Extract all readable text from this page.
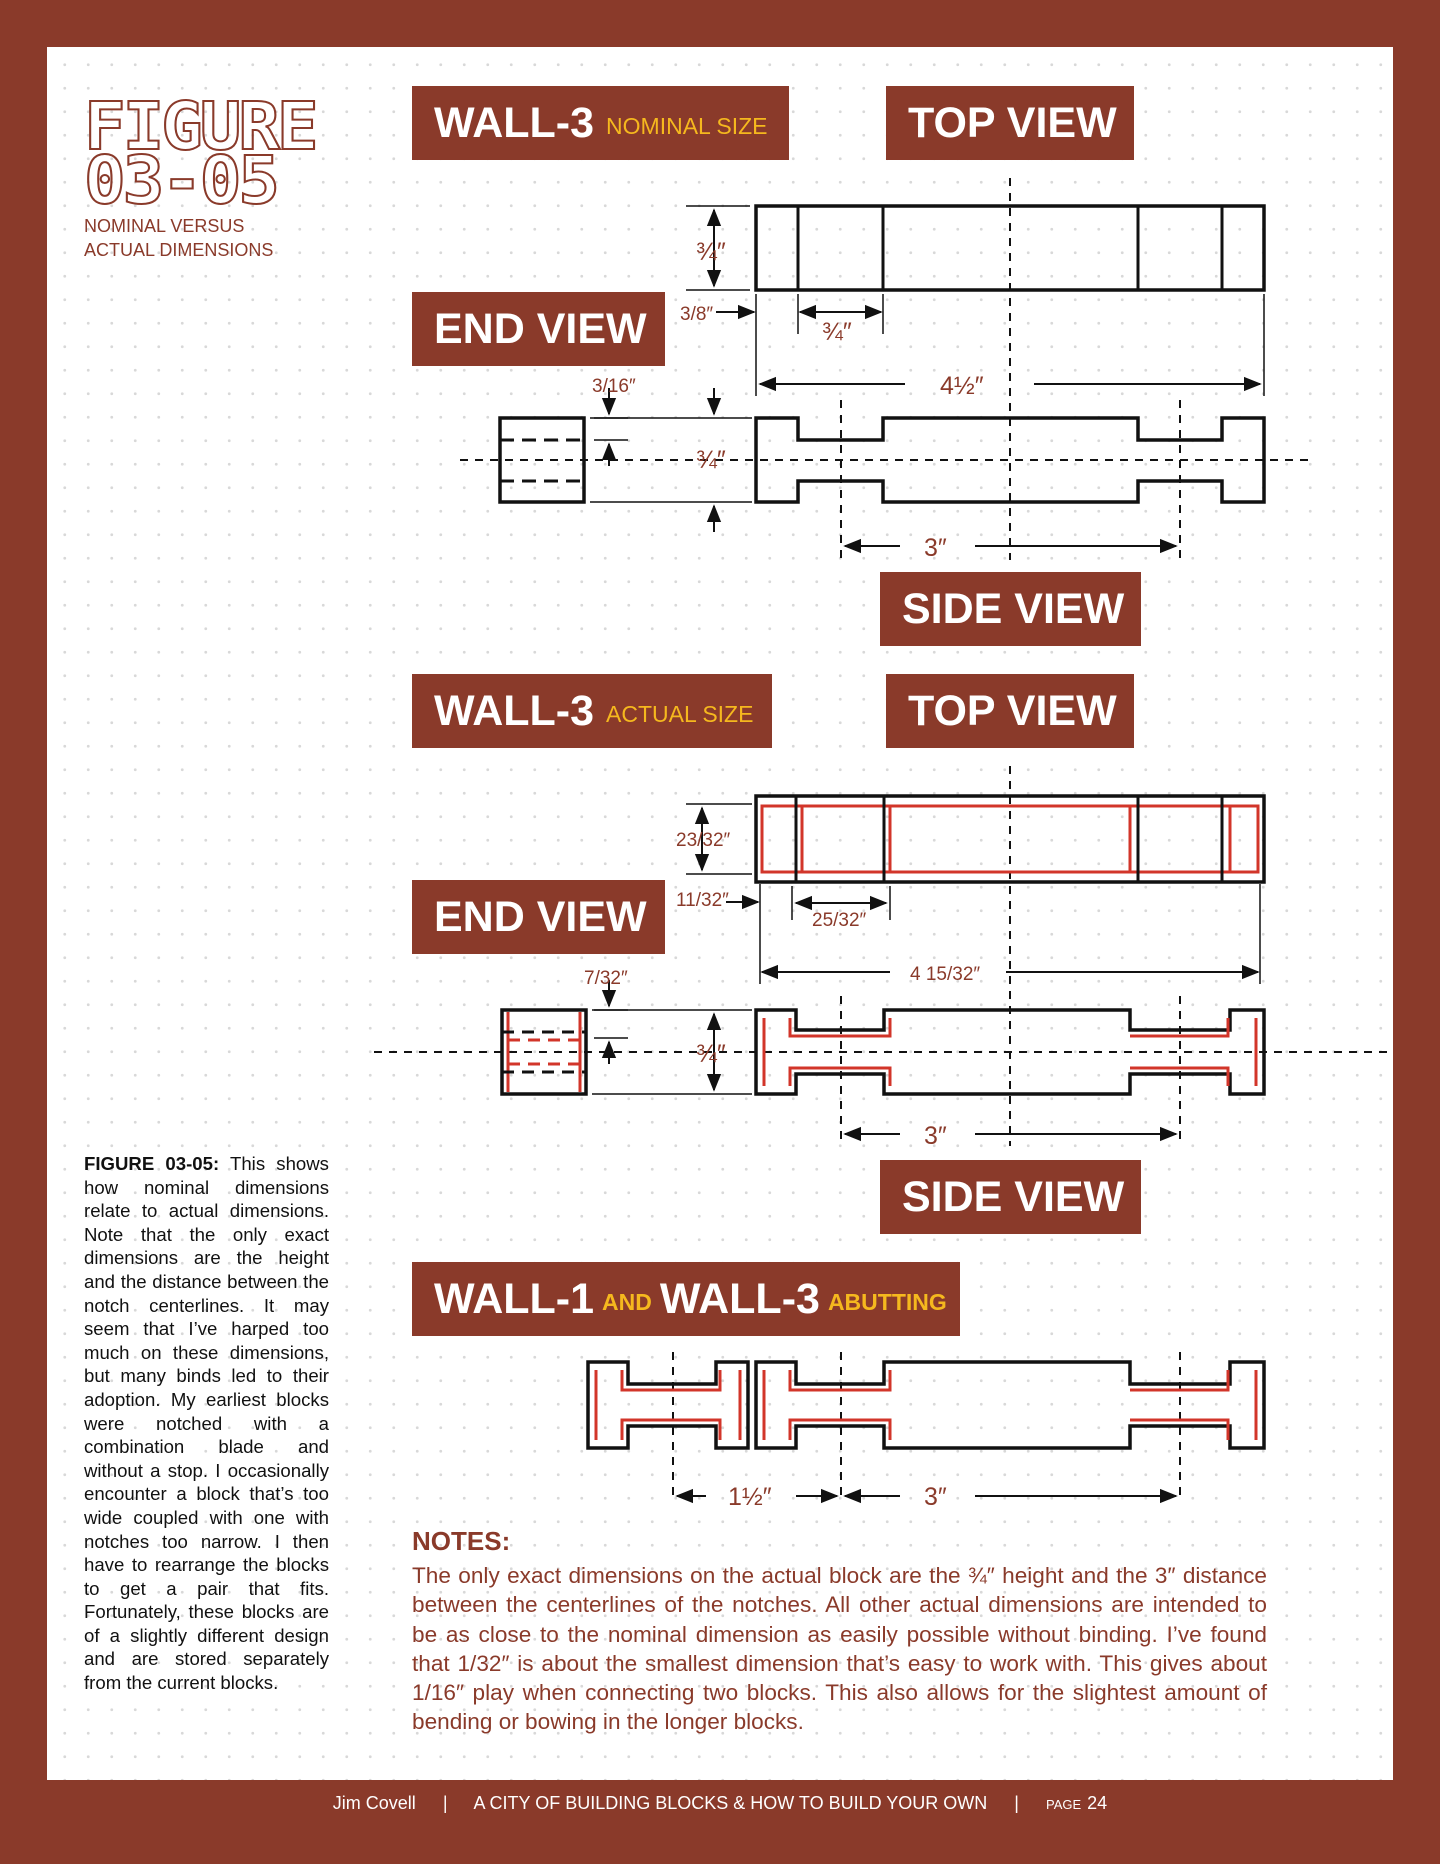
FIGURE
03-05
NOMINAL VERSUS
ACTUAL DIMENSIONS
WALL-3 NOMINAL SIZE	TOP VIEW
END VIEW
SIDE VIEW
WALL-3 ACTUAL SIZE	TOP VIEW
END VIEW
SIDE VIEW
WALL-1 AND WALL-3 ABUTTING
¾″
3/8″
¾″
4½″
3/16″
¾″
3″
23/32″
11/32″
25/32″
4 15/32″
7/32″
¾″
3″
1½″	3″
FIGURE 03-05: This shows how nominal dimensions relate to actual dimensions. Note that the only exact dimensions are the height and the distance between the notch centerlines. It may seem that I’ve harped too much on these dimensions, but many binds led to their adoption. My earliest blocks were notched with a combination blade and without a stop. I occasionally encounter a block that’s too wide coupled with one with notches too narrow. I then have to rearrange the blocks to get a pair that fits. Fortunately, these blocks are of a slightly different design and are stored separately from the current blocks.
NOTES:
The only exact dimensions on the actual block are the ¾″ height and the 3″ distance between the centerlines of the notches. All other actual dimensions are intended to be as close to the nominal dimension as easily possible without binding. I’ve found that 1/32″ is about the smallest dimension that’s easy to work with. This gives about 1/16″ play when connecting two blocks. This also allows for the slightest amount of bending or bowing in the longer blocks.
Jim Covell | A CITY OF BUILDING BLOCKS & HOW TO BUILD YOUR OWN | PAGE 24
